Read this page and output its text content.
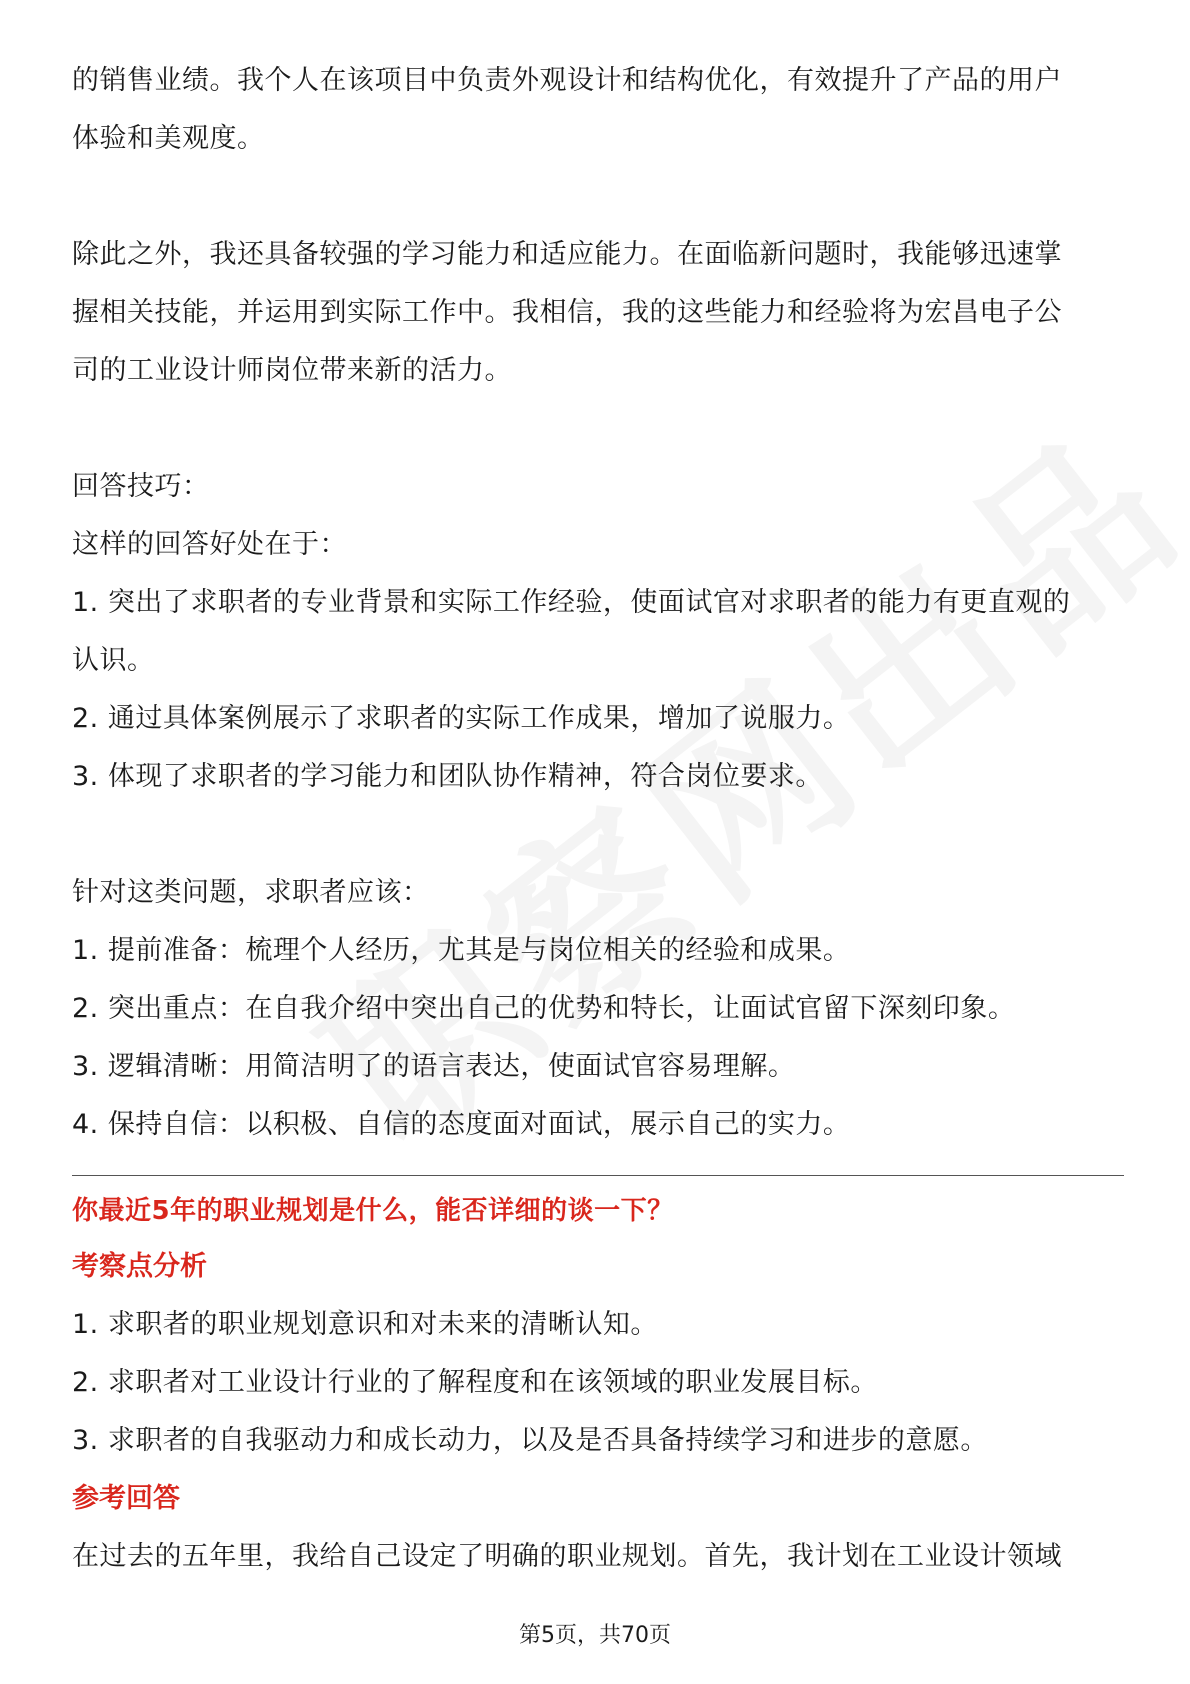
的销售业绩。我个人在该项目中负责外观设计和结构优化，有效提升了产品的用户

体验和美观度。

除此之外，我还具备较强的学习能力和适应能力。在面临新问题时，我能够迅速掌

握相关技能，并运用到实际工作中。我相信，我的这些能力和经验将为宏昌电子公

司的工业设计师岗位带来新的活力。

回答技巧：

这样的回答好处在于：

1. 突出了求职者的专业背景和实际工作经验，使面试官对求职者的能力有更直观的

认识。

2. 通过具体案例展示了求职者的实际工作成果，增加了说服力。

3. 体现了求职者的学习能力和团队协作精神，符合岗位要求。

针对这类问题，求职者应该：

1. 提前准备：梳理个人经历，尤其是与岗位相关的经验和成果。

2. 突出重点：在自我介绍中突出自己的优势和特长，让面试官留下深刻印象。

3. 逻辑清晰：用简洁明了的语言表达，使面试官容易理解。

4. 保持自信：以积极、自信的态度面对面试，展示自己的实力。

你最近5年的职业规划是什么，能否详细的谈一下？

考察点分析

1. 求职者的职业规划意识和对未来的清晰认知。

2. 求职者对工业设计行业的了解程度和在该领域的职业发展目标。

3. 求职者的自我驱动力和成长动力，以及是否具备持续学习和进步的意愿。

参考回答

在过去的五年里，我给自己设定了明确的职业规划。首先，我计划在工业设计领域

第5页，共70页
